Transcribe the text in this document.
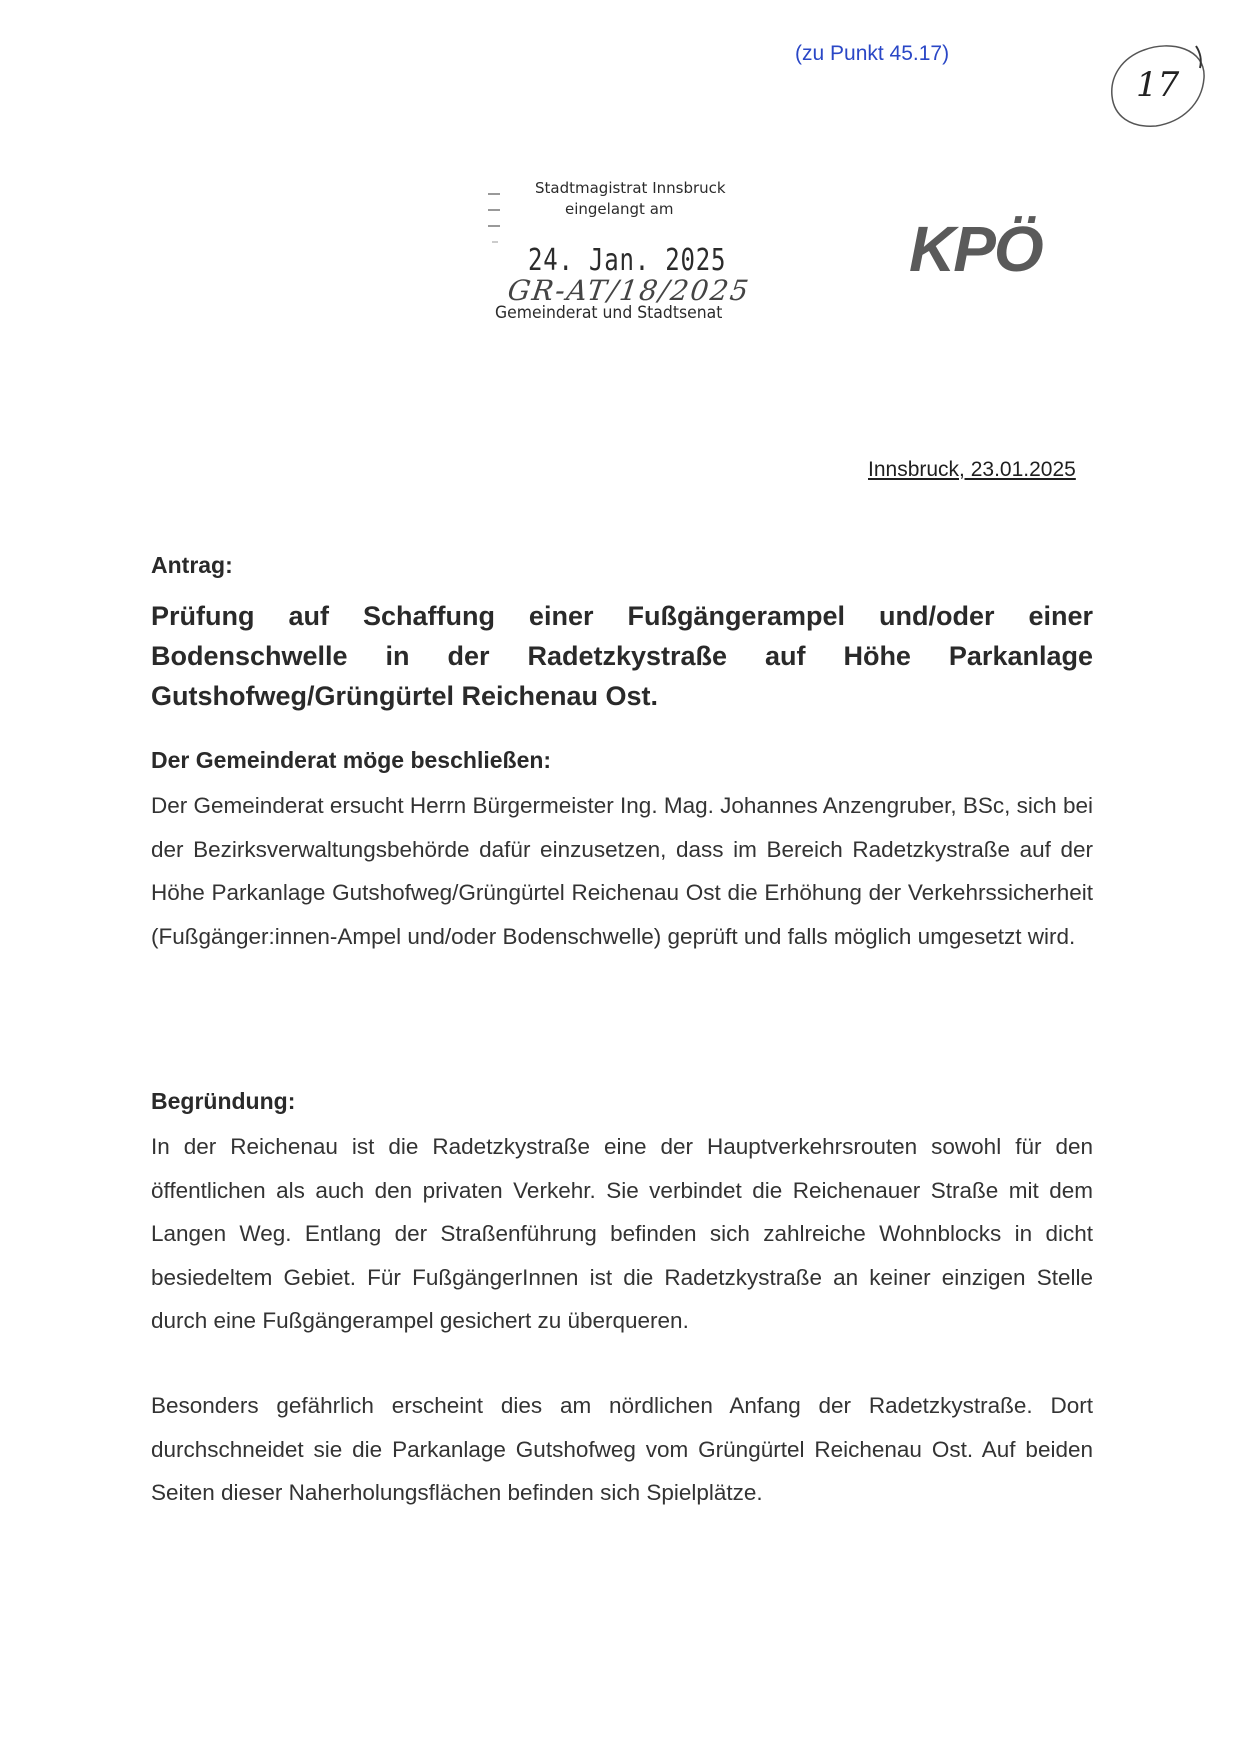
(zu Punkt 45.17)
17
Stadtmagistrat Innsbruck
eingelangt am
24. Jan. 2025
GR-AT/18/2025
Gemeinderat und Stadtsenat
KPÖ
Innsbruck, 23.01.2025
Antrag:
Prüfung auf Schaffung einer Fußgängerampel und/oder einer Bodenschwelle in der Radetzkystraße auf Höhe Parkanlage Gutshofweg/Grüngürtel Reichenau Ost.
Der Gemeinderat möge beschließen:
Der Gemeinderat ersucht Herrn Bürgermeister Ing. Mag. Johannes Anzengruber, BSc, sich bei der Bezirksverwaltungsbehörde dafür einzusetzen, dass im Bereich Radetzkystraße auf der Höhe Parkanlage Gutshofweg/Grüngürtel Reichenau Ost die Erhöhung der Verkehrssicherheit (Fußgänger:innen-Ampel und/oder Bodenschwelle) geprüft und falls möglich umgesetzt wird.
Begründung:
In der Reichenau ist die Radetzkystraße eine der Hauptverkehrsrouten sowohl für den öffentlichen als auch den privaten Verkehr. Sie verbindet die Reichenauer Straße mit dem Langen Weg. Entlang der Straßenführung befinden sich zahlreiche Wohnblocks in dicht besiedeltem Gebiet. Für FußgängerInnen ist die Radetzkystraße an keiner einzigen Stelle durch eine Fußgängerampel gesichert zu überqueren.
Besonders gefährlich erscheint dies am nördlichen Anfang der Radetzkystraße. Dort durchschneidet sie die Parkanlage Gutshofweg vom Grüngürtel Reichenau Ost. Auf beiden Seiten dieser Naherholungsflächen befinden sich Spielplätze.
